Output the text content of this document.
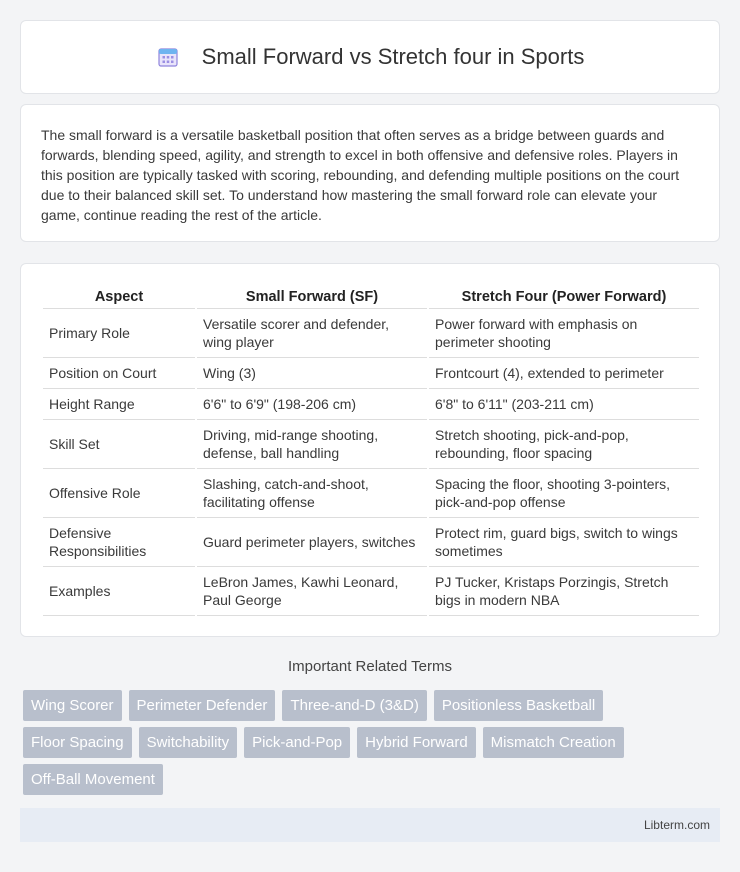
Small Forward vs Stretch four in Sports

The small forward is a versatile basketball position that often serves as a bridge between guards and forwards, blending speed, agility, and strength to excel in both offensive and defensive roles. Players in this position are typically tasked with scoring, rebounding, and defending multiple positions on the court due to their balanced skill set. To understand how mastering the small forward role can elevate your game, continue reading the rest of the article.

Aspect	Small Forward (SF)	Stretch Four (Power Forward)
Primary Role	Versatile scorer and defender, wing player	Power forward with emphasis on perimeter shooting
Position on Court	Wing (3)	Frontcourt (4), extended to perimeter
Height Range	6'6" to 6'9" (198-206 cm)	6'8" to 6'11" (203-211 cm)
Skill Set	Driving, mid-range shooting, defense, ball handling	Stretch shooting, pick-and-pop, rebounding, floor spacing
Offensive Role	Slashing, catch-and-shoot, facilitating offense	Spacing the floor, shooting 3-pointers, pick-and-pop offense
Defensive Responsibilities	Guard perimeter players, switches	Protect rim, guard bigs, switch to wings sometimes
Examples	LeBron James, Kawhi Leonard, Paul George	PJ Tucker, Kristaps Porzingis, Stretch bigs in modern NBA
Important Related Terms
Wing Scorer	Perimeter Defender	Three-and-D (3&D)	Positionless Basketball
Floor Spacing	Switchability	Pick-and-Pop	Hybrid Forward	Mismatch Creation
Off-Ball Movement
Libterm.com
